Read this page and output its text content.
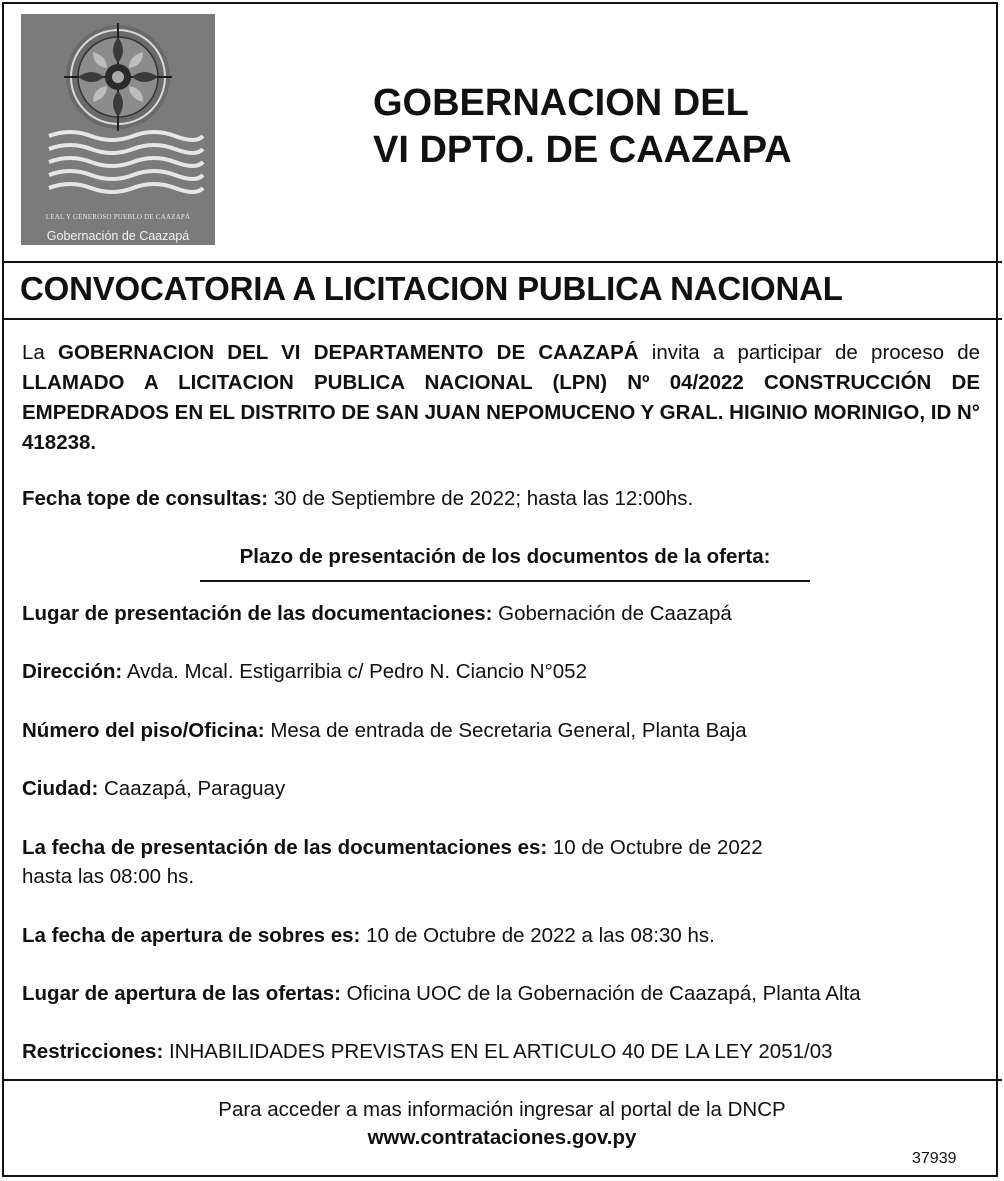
LEAL Y GENEROSO PUEBLO DE CAAZAPÁ
Gobernación de Caazapá
GOBERNACION DEL
VI DPTO. DE CAAZAPA
CONVOCATORIA A LICITACION PUBLICA NACIONAL
La GOBERNACION DEL VI DEPARTAMENTO DE CAAZAPÁ invita a participar de proceso de LLAMADO A LICITACION PUBLICA NACIONAL (LPN) Nº 04/2022 CONSTRUCCIÓN DE EMPEDRADOS EN EL DISTRITO DE SAN JUAN NEPOMUCENO Y GRAL. HIGINIO MORINIGO, ID N° 418238.
Fecha tope de consultas: 30 de Septiembre de 2022; hasta las 12:00hs.
Plazo de presentación de los documentos de la oferta:
Lugar de presentación de las documentaciones: Gobernación de Caazapá
Dirección: Avda. Mcal. Estigarribia c/ Pedro N. Ciancio N°052
Número del piso/Oficina: Mesa de entrada de Secretaria General, Planta Baja
Ciudad: Caazapá, Paraguay
La fecha de presentación de las documentaciones es: 10 de Octubre de 2022
hasta las 08:00 hs.
La fecha de apertura de sobres es: 10 de Octubre de 2022 a las 08:30 hs.
Lugar de apertura de las ofertas: Oficina UOC de la Gobernación de Caazapá, Planta Alta
Restricciones: INHABILIDADES PREVISTAS EN EL ARTICULO 40 DE LA LEY 2051/03
Para acceder a mas información ingresar al portal de la DNCP
www.contrataciones.gov.py
37939
